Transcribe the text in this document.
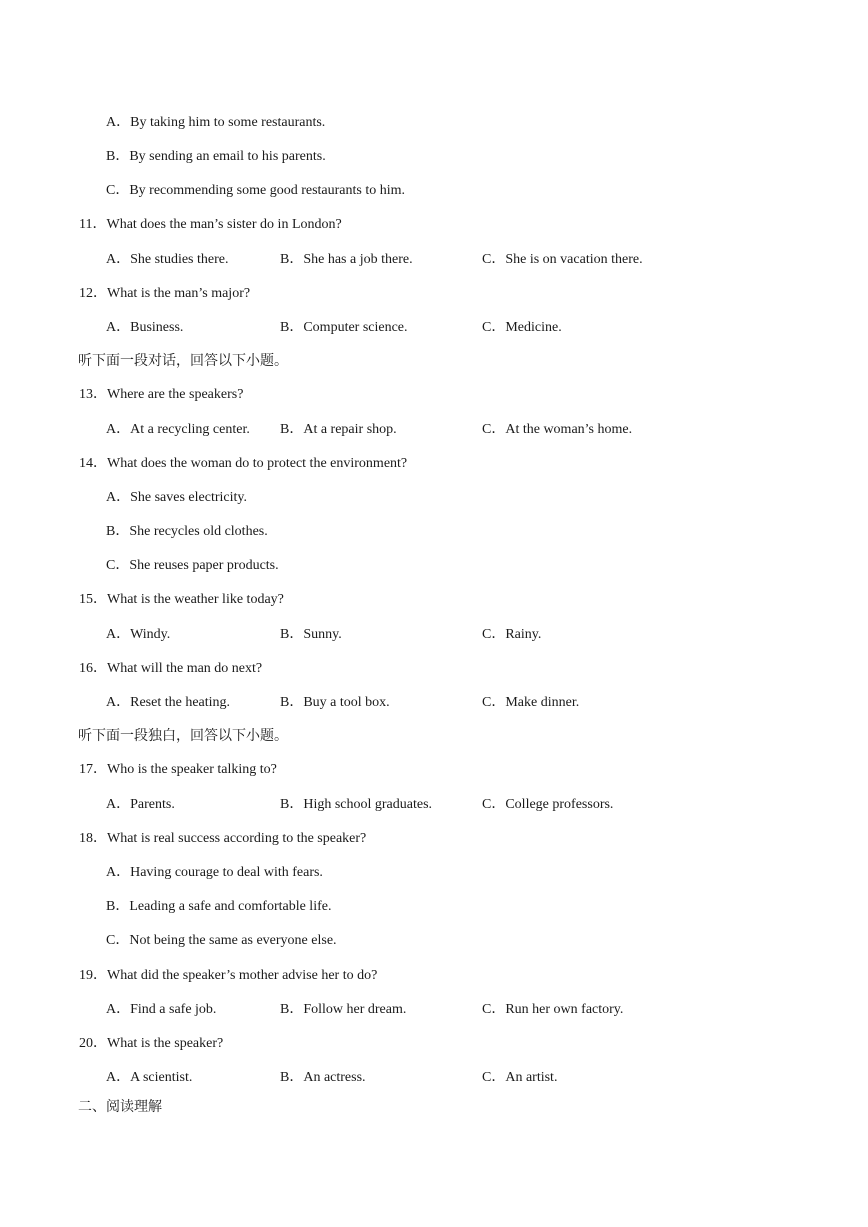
A．By taking him to some restaurants.
B．By sending an email to his parents.
C．By recommending some good restaurants to him.
11．What does the man’s sister do in London?
A．She studies there.	B．She has a job there.	C．She is on vacation there.
12．What is the man’s major?
A．Business.	B．Computer science.	C．Medicine.
听下面一段对话，回答以下小题。
13．Where are the speakers?
A．At a recycling center. B．At a repair shop.	C．At the woman’s home.
14．What does the woman do to protect the environment?
A．She saves electricity.
B．She recycles old clothes.
C．She reuses paper products.
15．What is the weather like today?
A．Windy.	B．Sunny.	C．Rainy.
16．What will the man do next?
A．Reset the heating.	B．Buy a tool box.	C．Make dinner.
听下面一段独白，回答以下小题。
17．Who is the speaker talking to?
A．Parents.	B．High school graduates.	C．College professors.
18．What is real success according to the speaker?
A．Having courage to deal with fears.
B．Leading a safe and comfortable life.
C．Not being the same as everyone else.
19．What did the speaker’s mother advise her to do?
A．Find a safe job.	B．Follow her dream.	C．Run her own factory.
20．What is the speaker?
A．A scientist.	B．An actress.	C．An artist.
二、阅读理解
